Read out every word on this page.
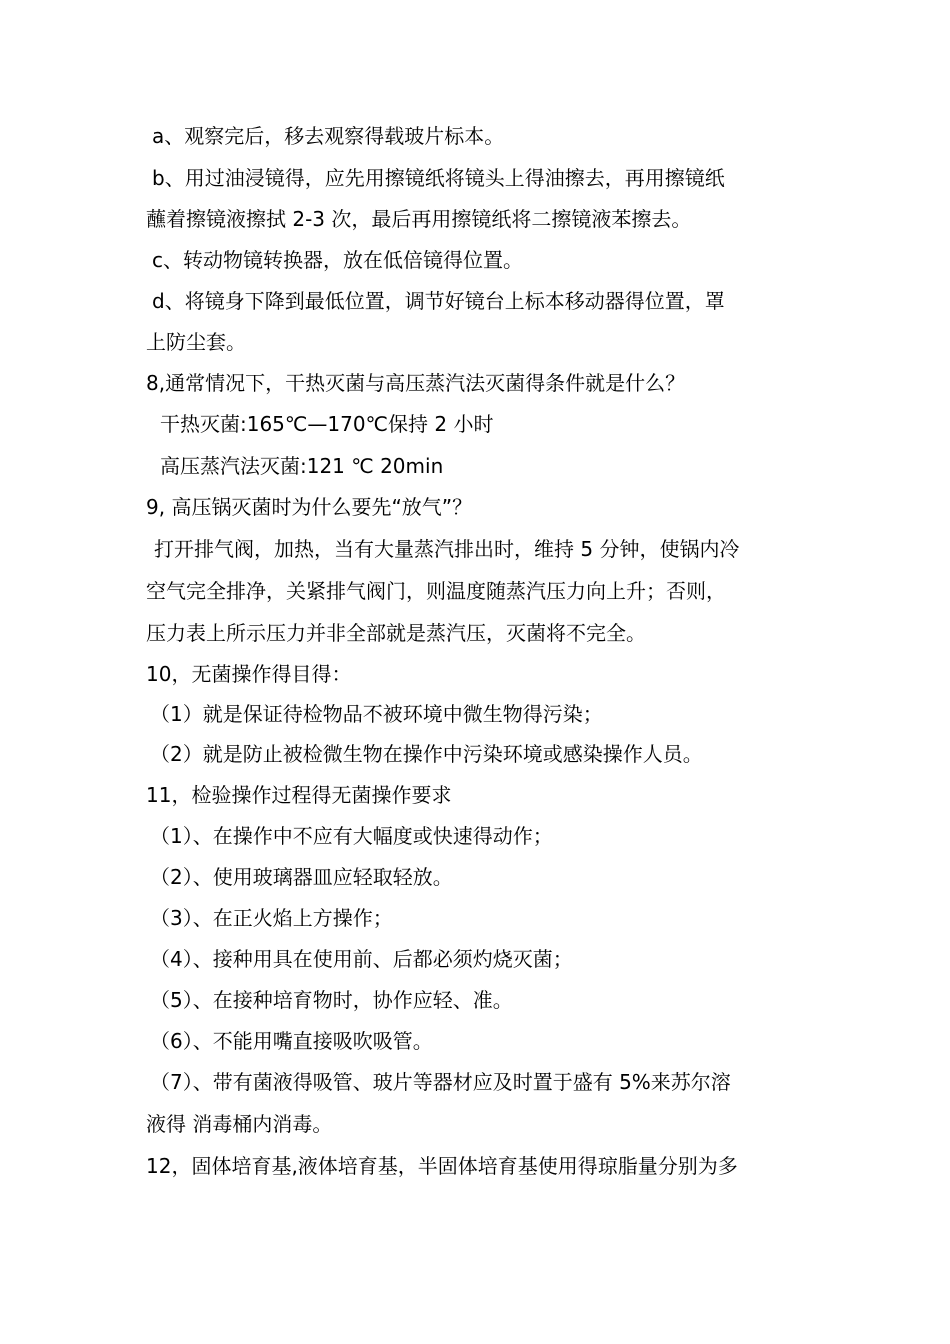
a、观察完后，移去观察得载玻片标本。
b、用过油浸镜得，应先用擦镜纸将镜头上得油擦去，再用擦镜纸
蘸着擦镜液擦拭 2-3 次，最后再用擦镜纸将二擦镜液苯擦去。
c、转动物镜转换器，放在低倍镜得位置。
d、将镜身下降到最低位置，调节好镜台上标本移动器得位置，罩
上防尘套。
8,通常情况下，干热灭菌与高压蒸汽法灭菌得条件就是什么？
干热灭菌:165℃—170℃保持 2 小时
高压蒸汽法灭菌:121 ℃ 20min
9, 高压锅灭菌时为什么要先“放气”？
打开排气阀，加热，当有大量蒸汽排出时，维持 5 分钟，使锅内冷
空气完全排净，关紧排气阀门，则温度随蒸汽压力向上升；否则，
压力表上所示压力并非全部就是蒸汽压，灭菌将不完全。
10，无菌操作得目得：
（1）就是保证待检物品不被环境中微生物得污染；
（2）就是防止被检微生物在操作中污染环境或感染操作人员。
11，检验操作过程得无菌操作要求
（1）、在操作中不应有大幅度或快速得动作；
（2）、使用玻璃器皿应轻取轻放。
（3）、在正火焰上方操作；
（4）、接种用具在使用前、后都必须灼烧灭菌；
（5）、在接种培育物时，协作应轻、准。
（6）、不能用嘴直接吸吹吸管。
（7）、带有菌液得吸管、玻片等器材应及时置于盛有 5%来苏尔溶
液得 消毒桶内消毒。
12，固体培育基,液体培育基，半固体培育基使用得琼脂量分别为多
